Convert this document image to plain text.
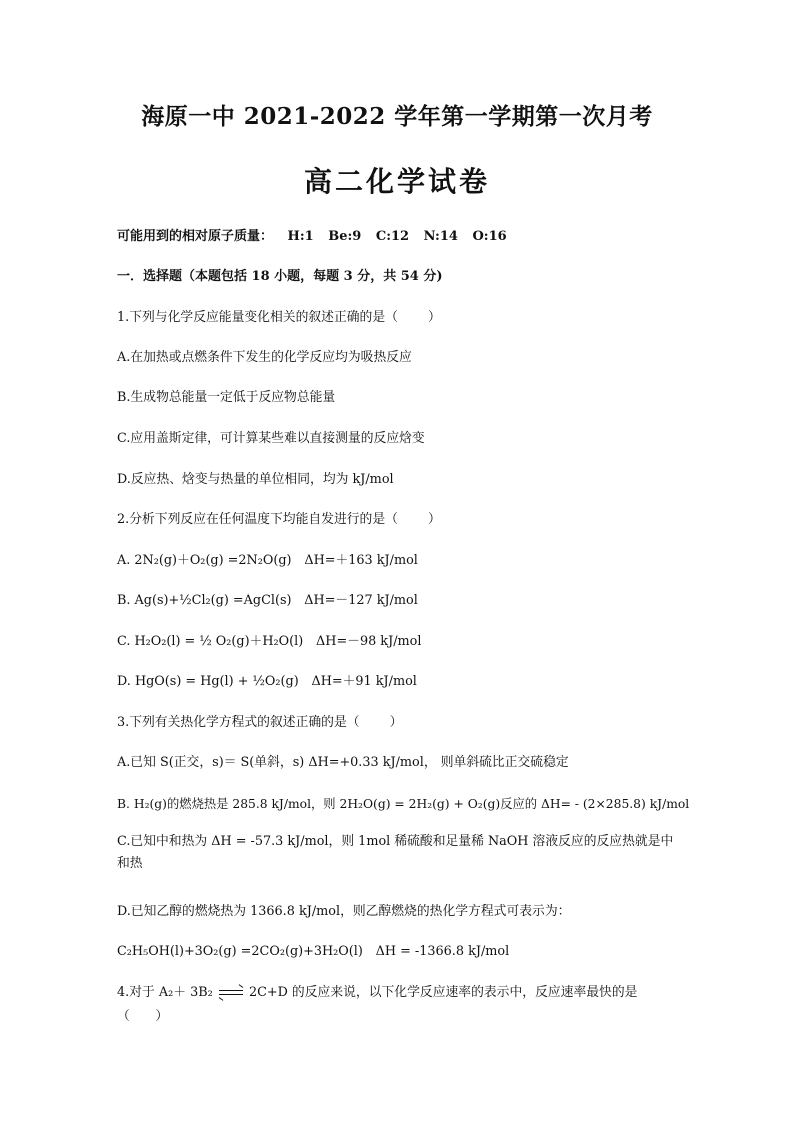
海原一中 2021-2022 学年第一学期第一次月考
高二化学试卷
可能用到的相对原子质量： H:1 Be:9 C:12 N:14 O:16
一．选择题（本题包括 18 小题，每题 3 分，共 54 分)
1.下列与化学反应能量变化相关的叙述正确的是（ ）
A.在加热或点燃条件下发生的化学反应均为吸热反应
B.生成物总能量一定低于反应物总能量
C.应用盖斯定律，可计算某些难以直接测量的反应焓变
D.反应热、焓变与热量的单位相同，均为 kJ/mol
2.分析下列反应在任何温度下均能自发进行的是（ ）
A. 2N₂(g)＋O₂(g) =2N₂O(g)　ΔH=＋163 kJ/mol
B. Ag(s)+½Cl₂(g) =AgCl(s)　ΔH=－127 kJ/mol
C. H₂O₂(l) = ½ O₂(g)＋H₂O(l)　ΔH=－98 kJ/mol
D. HgO(s) = Hg(l) + ½O₂(g)　ΔH=＋91 kJ/mol
3.下列有关热化学方程式的叙述正确的是（ ）
A.已知 S(正交，s)＝ S(单斜，s) ΔH=+0.33 kJ/mol， 则单斜硫比正交硫稳定
B. H₂(g)的燃烧热是 285.8 kJ/mol，则 2H₂O(g) = 2H₂(g) + O₂(g)反应的 ΔH= - (2×285.8) kJ/mol
C.已知中和热为 ΔH = -57.3 kJ/mol，则 1mol 稀硫酸和足量稀 NaOH 溶液反应的反应热就是中和热
D.已知乙醇的燃烧热为 1366.8 kJ/mol，则乙醇燃烧的热化学方程式可表示为：
C₂H₅OH(l)+3O₂(g) =2CO₂(g)+3H₂O(l)　ΔH = -1366.8 kJ/mol
4.对于 A₂＋ 3B₂	2C+D 的反应来说，以下化学反应速率的表示中，反应速率最快的是
（　　）
